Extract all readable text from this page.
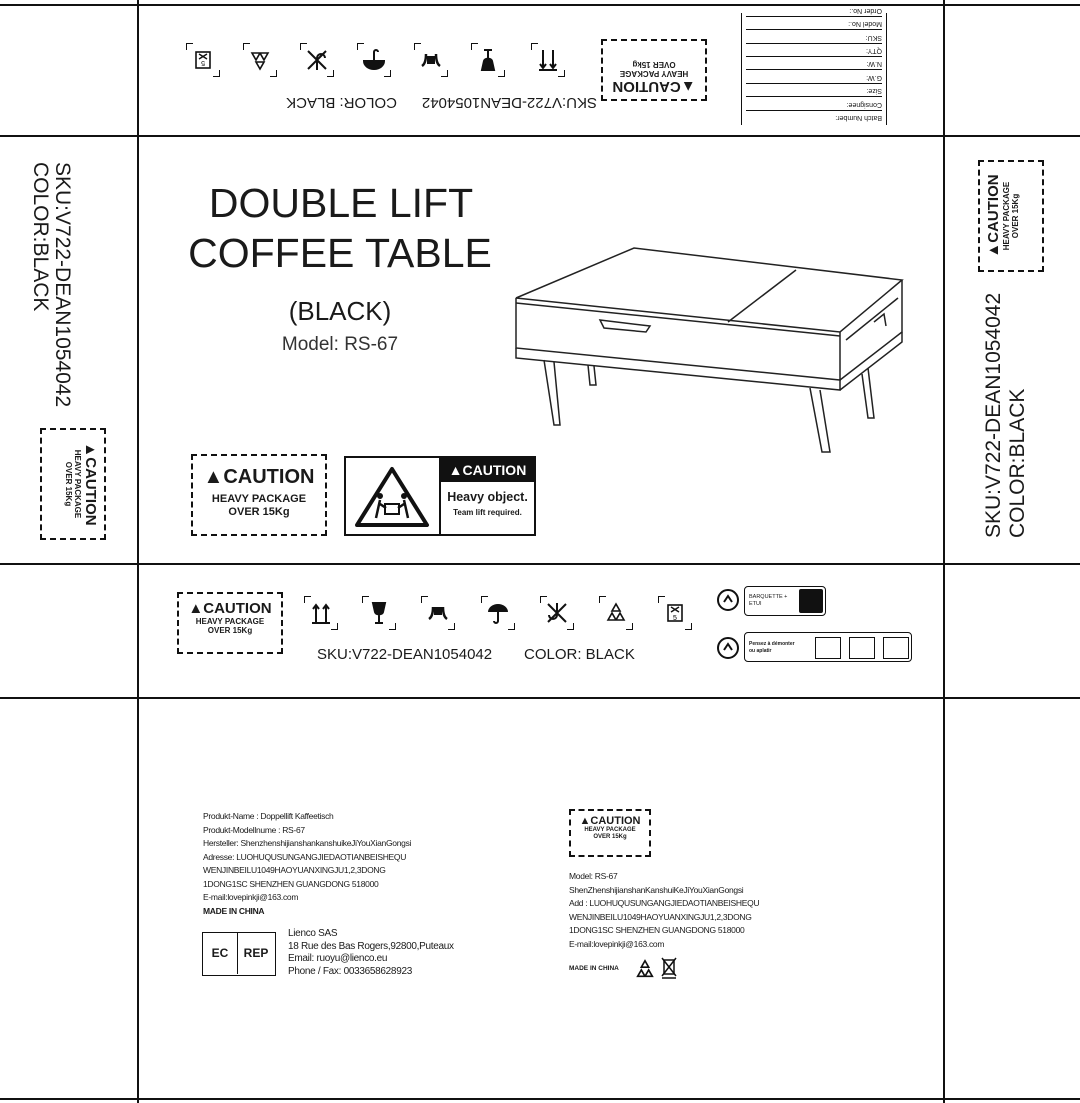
Batch Number:
Consignee:
Size:
G.W:
N.W:
QTY:
SKU:
Model No.:
Order No.:
▲CAUTION
HEAVY PACKAGE
OVER 15kg
5
SKU:V722-DEAN1054042
COLOR: BLACK
SKU:V722-DEAN1054042
COLOR:BLACK
▲CAUTION
HEAVY PACKAGE
OVER 15Kg
▲CAUTION HEAVY PACKAGE OVER 15Kg
SKU:V722-DEAN1054042 COLOR:BLACK
DOUBLE LIFT
COFFEE TABLE
(BLACK)
Model: RS-67
▲CAUTION
HEAVY PACKAGE
OVER 15Kg
▲CAUTION
Heavy object.
Team lift required.
▲CAUTION
HEAVY PACKAGE
OVER 15Kg
5
SKU:V722-DEAN1054042 COLOR: BLACK
BARQUETTE + ETUI
Pensez à démonter
ou aplatir
Produkt-Name : Doppellift Kaffeetisch
Produkt-Modellnume : RS-67
Hersteller: ShenzhenshijianshankanshuikeJiYouXianGongsi
Adresse: LUOHUQUSUNGANGJIEDAOTIANBEISHEQU
WENJINBEILU1049HAOYUANXINGJU1,2,3DONG
1DONG1SC SHENZHEN GUANGDONG 518000
E-mail:lovepinkji@163.com
MADE IN CHINA
EC	REP
Lienco SAS
18 Rue des Bas Rogers,92800,Puteaux
Email: ruoyu@lienco.eu
Phone / Fax: 0033658628923
▲CAUTION
HEAVY PACKAGE
OVER 15Kg
Model: RS-67
ShenZhenshijianshanKanshuiKeJiYouXianGongsi
Add : LUOHUQUSUNGANGJIEDAOTIANBEISHEQU
WENJINBEILU1049HAOYUANXINGJU1,2,3DONG
1DONG1SC SHENZHEN GUANGDONG 518000
E-mail:lovepinkji@163.com
MADE IN CHINA
